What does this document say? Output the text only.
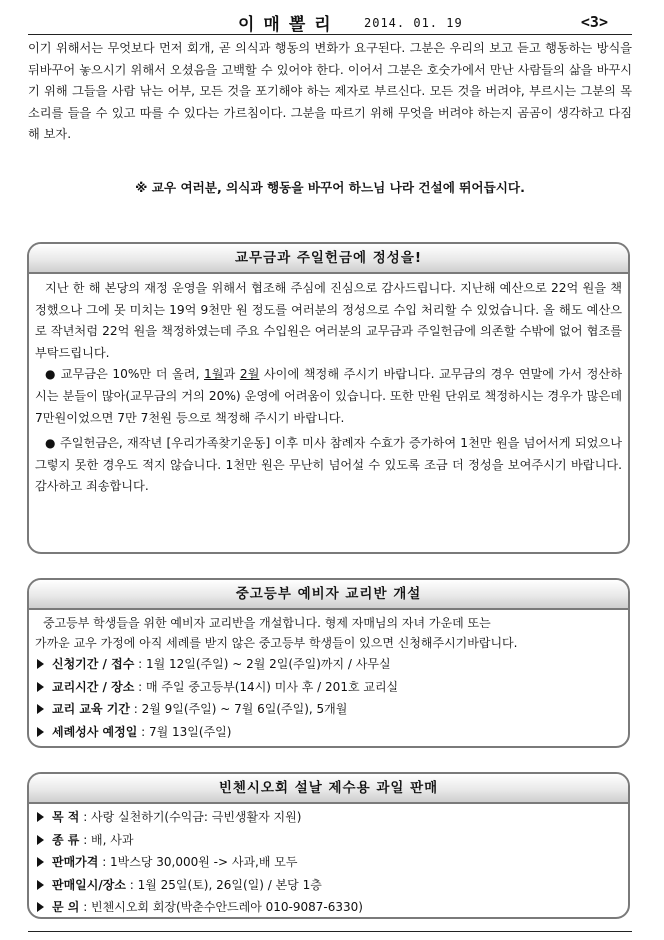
이매뽈리 2014. 01. 19	<3>
이기 위해서는 무엇보다 먼저 회개, 곧 의식과 행동의 변화가 요구된다. 그분은 우리의 보고 듣고 행동하는 방식을 뒤바꾸어 놓으시기 위해서 오셨음을 고백할 수 있어야 한다. 이어서 그분은 호숫가에서 만난 사람들의 삶을 바꾸시기 위해 그들을 사람 낚는 어부, 모든 것을 포기해야 하는 제자로 부르신다. 모든 것을 버려야, 부르시는 그분의 목소리를 들을 수 있고 따를 수 있다는 가르침이다. 그분을 따르기 위해 무엇을 버려야 하는지 곰곰이 생각하고 다짐해 보자.
※ 교우 여러분, 의식과 행동을 바꾸어 하느님 나라 건설에 뛰어듭시다.
교무금과 주일헌금에 정성을!

지난 한 해 본당의 재정 운영을 위해서 협조해 주심에 진심으로 감사드립니다. 지난해 예산으로 22억 원을 책정했으나 그에 못 미치는 19억 9천만 원 정도를 여러분의 정성으로 수입 처리할 수 있었습니다. 올 해도 예산으로 작년처럼 22억 원을 책정하였는데 주요 수입원은 여러분의 교무금과 주일헌금에 의존할 수밖에 없어 협조를 부탁드립니다.

● 교무금은 10%만 더 올려, 1월과 2월 사이에 책정해 주시기 바랍니다. 교무금의 경우 연말에 가서 정산하시는 분들이 많아(교무금의 거의 20%) 운영에 어려움이 있습니다. 또한 만원 단위로 책정하시는 경우가 많은데 7만원이었으면 7만 7천원 등으로 책정해 주시기 바랍니다.

● 주일헌금은, 재작년 [우리가족찾기운동] 이후 미사 참례자 수효가 증가하여 1천만 원을 넘어서게 되었으나 그렇지 못한 경우도 적지 않습니다. 1천만 원은 무난히 넘어설 수 있도록 조금 더 정성을 보여주시기 바랍니다. 감사하고 죄송합니다.

중고등부 예비자 교리반 개설

중고등부 학생들을 위한 예비자 교리반을 개설합니다. 형제 자매님의 자녀 가운데 또는

가까운 교우 가정에 아직 세례를 받지 않은 중고등부 학생들이 있으면 신청해주시기바랍니다.

신청기간 / 접수 : 1월 12일(주일) ~ 2월 2일(주일)까지 / 사무실
교리시간 / 장소 : 매 주일 중고등부(14시) 미사 후 / 201호 교리실
교리 교육 기간 : 2월 9일(주일) ~ 7월 6일(주일), 5개월
세례성사 예정일 : 7월 13일(주일)
빈첸시오회 설날 제수용 과일 판매
목 적 : 사랑 실천하기(수익금: 극빈생활자 지원)
종 류 : 배, 사과
판매가격 : 1박스당 30,000원 -> 사과,배 모두
판매일시/장소 : 1월 25일(토), 26일(일) / 본당 1층
문 의 : 빈첸시오회 회장(박춘수안드레아 010-9087-6330)
